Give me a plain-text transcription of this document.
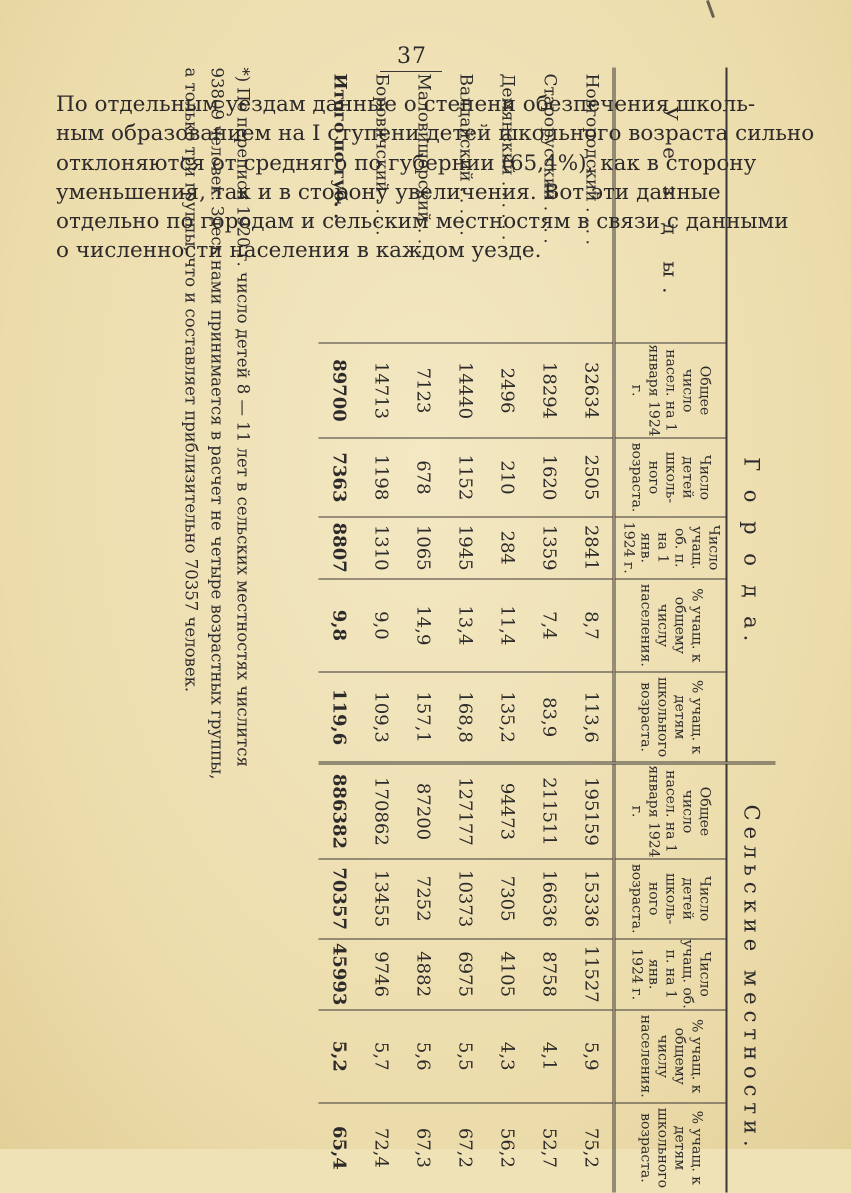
37
По отдельным уездам данные о степени обезпечения школь-
ным образованием на I ступени детей школьного возраста сильно
отклоняются от средняго по губернии (65,4%), как в сторону
уменьшения, так и в сторону увеличения. Вот эти данные
отдельно по городам и сельским местностям в связи с данными
о численности населения в каждом уезде.
	Г о р о д а.					Сельские местности.				
У е з д ы.	Общее число насел. на 1 января 1924 г.	Число детей школь-ного возраста.	Число учащ. об. п. на 1 янв. 1924 г.	% учащ. к общему числу населения.	% учащ. к детям школьного возраста.	Общее число насел. на 1 января 1924 г.	Число детей школь-ного возраста.	Число учащ. об. п. на 1 янв. 1924 г.	% учащ. к общему числу населения.	% учащ. к детям школьного возраста.
Новгородский . . . .	32634	2505	2841	8,7	113,6	195159	15336	11527	5,9	75,2
Старорусский . . . .	18294	1620	1359	7,4	83,9	211511	16636	8758	4,1	52,7
Демянский . . . . . .	2496	210	284	11,4	135,2	94473	7305	4105	4,3	56,2
Валдайский . . . . .	14440	1152	1945	13,4	168,8	127177	10373	6975	5,5	67,2
Маловишерский . . .	7123	678	1065	14,9	157,1	87200	7252	4882	5,6	67,3
Боровичский . . . .	14713	1198	1310	9,0	109,3	170862	13455	9746	5,7	72,4
Итого по губ. .	89700	7363	8807	9,8	119,6	886382	70357	45993	5,2	65,4
*) По переписи 1920 г. число детей 8 — 11 лет в сельских местностях числится
93809 человек. Здесь нами принимается в расчет не четыре возрастных группы,
а только три группы, что и составляет приблизительно 70357 человек.
